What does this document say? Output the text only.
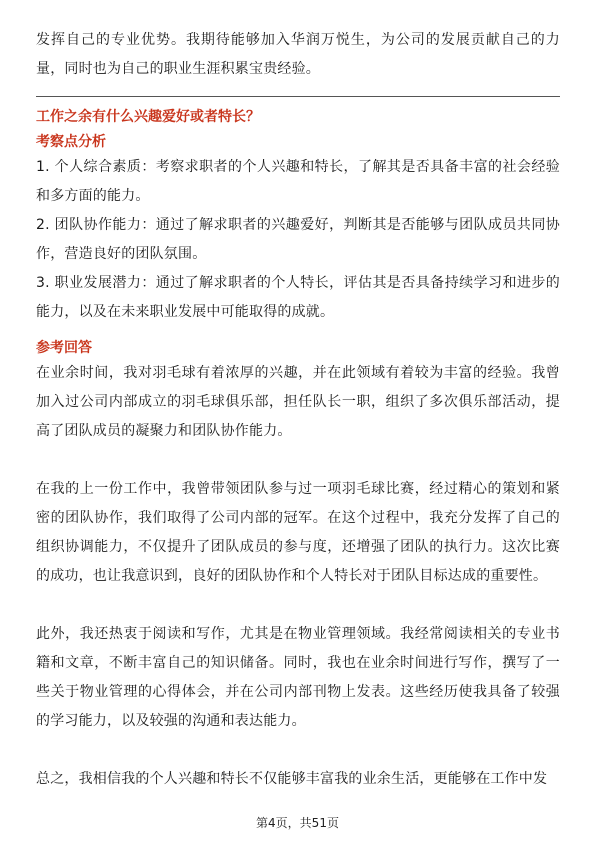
发挥自己的专业优势。我期待能够加入华润万悦生，为公司的发展贡献自己的力量，同时也为自己的职业生涯积累宝贵经验。

工作之余有什么兴趣爱好或者特长？
考察点分析

1. 个人综合素质：考察求职者的个人兴趣和特长，了解其是否具备丰富的社会经验和多方面的能力。

2. 团队协作能力：通过了解求职者的兴趣爱好，判断其是否能够与团队成员共同协作，营造良好的团队氛围。

3. 职业发展潜力：通过了解求职者的个人特长，评估其是否具备持续学习和进步的能力，以及在未来职业发展中可能取得的成就。

参考回答

在业余时间，我对羽毛球有着浓厚的兴趣，并在此领域有着较为丰富的经验。我曾加入过公司内部成立的羽毛球俱乐部，担任队长一职，组织了多次俱乐部活动，提高了团队成员的凝聚力和团队协作能力。

在我的上一份工作中，我曾带领团队参与过一项羽毛球比赛，经过精心的策划和紧密的团队协作，我们取得了公司内部的冠军。在这个过程中，我充分发挥了自己的组织协调能力，不仅提升了团队成员的参与度，还增强了团队的执行力。这次比赛的成功，也让我意识到，良好的团队协作和个人特长对于团队目标达成的重要性。

此外，我还热衷于阅读和写作，尤其是在物业管理领域。我经常阅读相关的专业书籍和文章，不断丰富自己的知识储备。同时，我也在业余时间进行写作，撰写了一些关于物业管理的心得体会，并在公司内部刊物上发表。这些经历使我具备了较强的学习能力，以及较强的沟通和表达能力。

总之，我相信我的个人兴趣和特长不仅能够丰富我的业余生活，更能够在工作中发

第4页，共51页
